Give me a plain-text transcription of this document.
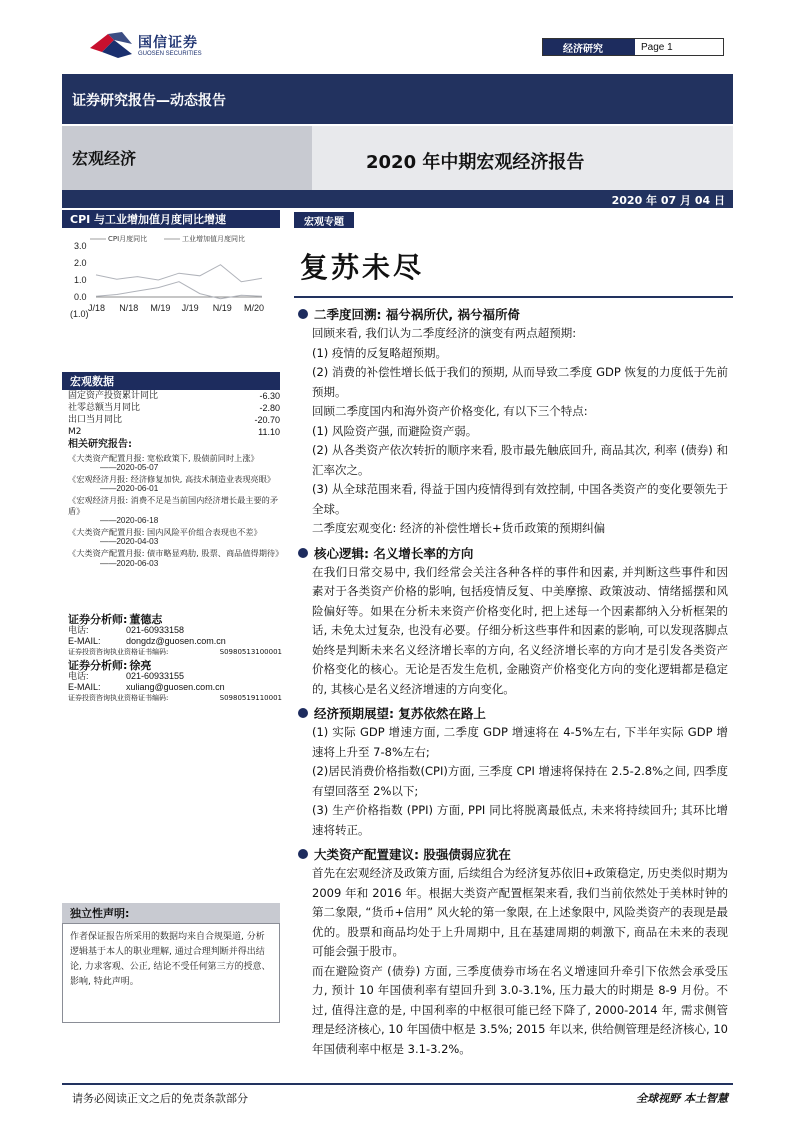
国信证券
GUOSEN SECURITIES	经济研究	Page 1
证券研究报告—动态报告
宏观经济	2020 年中期宏观经济报告
2020 年 07 月 04 日
CPI 与工业增加值月度同比增速
CPI月度同比	工业增加值月度同比
3.0
2.0
1.0
0.0
(1.0)
J/18 N/18 M/19 J/19 N/19 M/20
宏观数据
固定资产投资累计同比	-6.30
社零总额当月同比	-2.80
出口当月同比	-20.70
M2	11.10
相关研究报告:
《大类资产配置月报: 宽松政策下, 股债前同时上涨》
——2020-05-07
《宏观经济月报: 经济修复加快, 高技术制造业表现亮眼》
——2020-06-01
《宏观经济月报: 消费不足是当前国内经济增长最主要的矛盾》
——2020-06-18
《大类资产配置月报: 国内风险平价组合表现也不差》
——2020-04-03
《大类资产配置月报: 债市略显鸡肋, 股票、商品值得期待》
——2020-06-03
证券分析师: 董德志
电话:	021-60933158
E-MAIL:	dongdz@guosen.com.cn
证券投资咨询执业资格证书编码:	S0980513100001
证券分析师: 徐亮
电话:	021-60933155
E-MAIL:	xuliang@guosen.com.cn
证券投资咨询执业资格证书编码:	S0980519110001
独立性声明:
作者保证报告所采用的数据均来自合规渠道, 分析逻辑基于本人的职业理解, 通过合理判断并得出结论, 力求客观、公正, 结论不受任何第三方的授意、影响, 特此声明。
宏观专题
复苏未尽
二季度回溯: 福兮祸所伏, 祸兮福所倚
回顾来看, 我们认为二季度经济的演变有两点超预期:
(1) 疫情的反复略超预期。
(2) 消费的补偿性增长低于我们的预期, 从而导致二季度 GDP 恢复的力度低于先前预期。
回顾二季度国内和海外资产价格变化, 有以下三个特点:
(1) 风险资产强, 而避险资产弱。
(2) 从各类资产依次转折的顺序来看, 股市最先触底回升, 商品其次, 利率 (债券) 和汇率次之。
(3) 从全球范围来看, 得益于国内疫情得到有效控制, 中国各类资产的变化要领先于全球。
二季度宏观变化: 经济的补偿性增长+货币政策的预期纠偏
核心逻辑: 名义增长率的方向
在我们日常交易中, 我们经常会关注各种各样的事件和因素, 并判断这些事件和因素对于各类资产价格的影响, 包括疫情反复、中美摩擦、政策波动、情绪摇摆和风险偏好等。如果在分析未来资产价格变化时, 把上述每一个因素都纳入分析框架的话, 未免太过复杂, 也没有必要。仔细分析这些事件和因素的影响, 可以发现落脚点始终是判断未来名义经济增长率的方向, 名义经济增长率的方向才是引发各类资产价格变化的核心。无论是否发生危机, 金融资产价格变化方向的变化逻辑都是稳定的, 其核心是名义经济增速的方向变化。
经济预期展望: 复苏依然在路上
(1) 实际 GDP 增速方面, 二季度 GDP 增速将在 4-5%左右, 下半年实际 GDP 增速将上升至 7-8%左右;
(2)居民消费价格指数(CPI)方面, 三季度 CPI 增速将保持在 2.5-2.8%之间, 四季度有望回落至 2%以下;
(3) 生产价格指数 (PPI) 方面, PPI 同比将脱离最低点, 未来将持续回升; 其环比增速将转正。
大类资产配置建议: 股强债弱应犹在
首先在宏观经济及政策方面, 后续组合为经济复苏依旧+政策稳定, 历史类似时期为 2009 年和 2016 年。根据大类资产配置框架来看, 我们当前依然处于美林时钟的第二象限, “货币+信用” 风火轮的第一象限, 在上述象限中, 风险类资产的表现是最优的。股票和商品均处于上升周期中, 且在基建周期的刺激下, 商品在未来的表现可能会强于股市。
而在避险资产 (债券) 方面, 三季度债券市场在名义增速回升牵引下依然会承受压力, 预计 10 年国债利率有望回升到 3.0-3.1%, 压力最大的时期是 8-9 月份。不过, 值得注意的是, 中国利率的中枢很可能已经下降了, 2000-2014 年, 需求侧管理是经济核心, 10 年国债中枢是 3.5%; 2015 年以来, 供给侧管理是经济核心, 10 年国债利率中枢是 3.1-3.2%。
请务必阅读正文之后的免责条款部分	全球视野 本土智慧
